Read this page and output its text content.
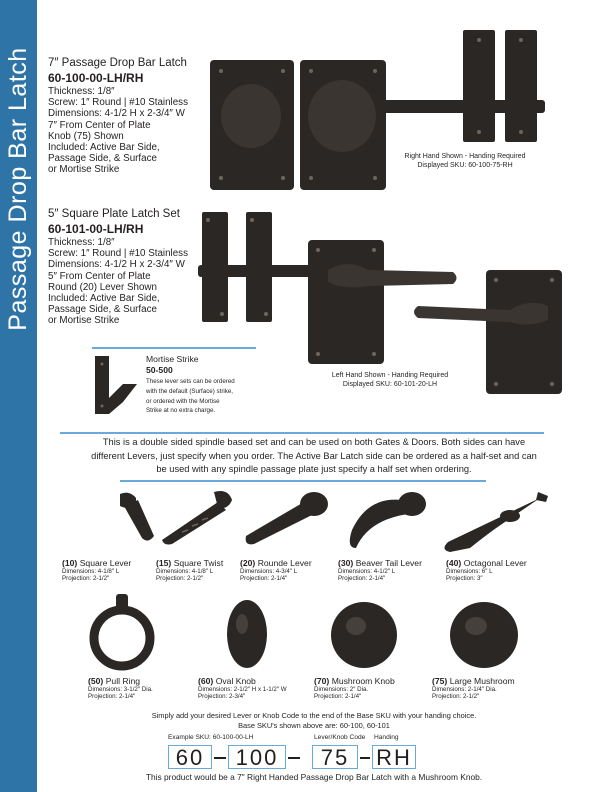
Passage Drop Bar Latch 7″ Passage Drop Bar Latch
60-100-00-LH/RH
Thickness: 1/8″
Screw: 1″ Round | #10 Stainless
Dimensions: 4-1/2 H x 2-3/4″ W
7″ From Center of Plate
Knob (75) Shown
Included: Active Bar Side,
Passage Side, & Surface
or Mortise Strike
Right Hand Shown - Handing Required
Displayed SKU: 60-100-75-RH
5″ Square Plate Latch Set
60-101-00-LH/RH
Thickness: 1/8″
Screw: 1″ Round | #10 Stainless
Dimensions: 4-1/2 H x 2-3/4″ W
5″ From Center of Plate
Round (20) Lever Shown
Included: Active Bar Side,
Passage Side, & Surface
or Mortise Strike
Left Hand Shown - Handing Required
Displayed SKU: 60-101-20-LH
Mortise Strike
50-500
These lever sets can be ordered
with the default (Surface) strike,
or ordered with the Mortise
Strike at no extra charge.
This is a double sided spindle based set and can be used on both Gates & Doors. Both sides can have
different Levers, just specify when you order. The Active Bar Latch side can be ordered as a half-set and can
be used with any spindle passage plate just specify a half set when ordering.
(10) Square Lever
Dimensions: 4-1/8″ L
Projection: 2-1/2″
(15) Square Twist
Dimensions: 4-1/8″ L
Projection: 2-1/2″
(20) Rounde Lever
Dimensions: 4-3/4″ L
Projection: 2-1/4″
(30) Beaver Tail Lever
Dimensions: 4-1/2″ L
Projection: 2-1/4″
(40) Octagonal Lever
Dimensions: 6″ L
Projection: 3″
(50) Pull Ring
Dimensions: 3-1/2″ Dia.
Projection: 2-1/4″
(60) Oval Knob
Dimensions: 2-1/2″ H x 1-1/2″ W
Projection: 2-3/4″
(70) Mushroom Knob
Dimensions: 2″ Dia.
Projection: 2-1/4″
(75) Large Mushroom
Dimensions: 2-1/4″ Dia.
Projection: 2-1/2″
Simply add your desired Lever or Knob Code to the end of the Base SKU with your handing choice.
Base SKU's shown above are: 60-100, 60-101
Example SKU: 60-100-00-LH	Lever/Knob Code Handing
60	100	75	RH
This product would be a 7″ Right Handed Passage Drop Bar Latch with a Mushroom Knob.
